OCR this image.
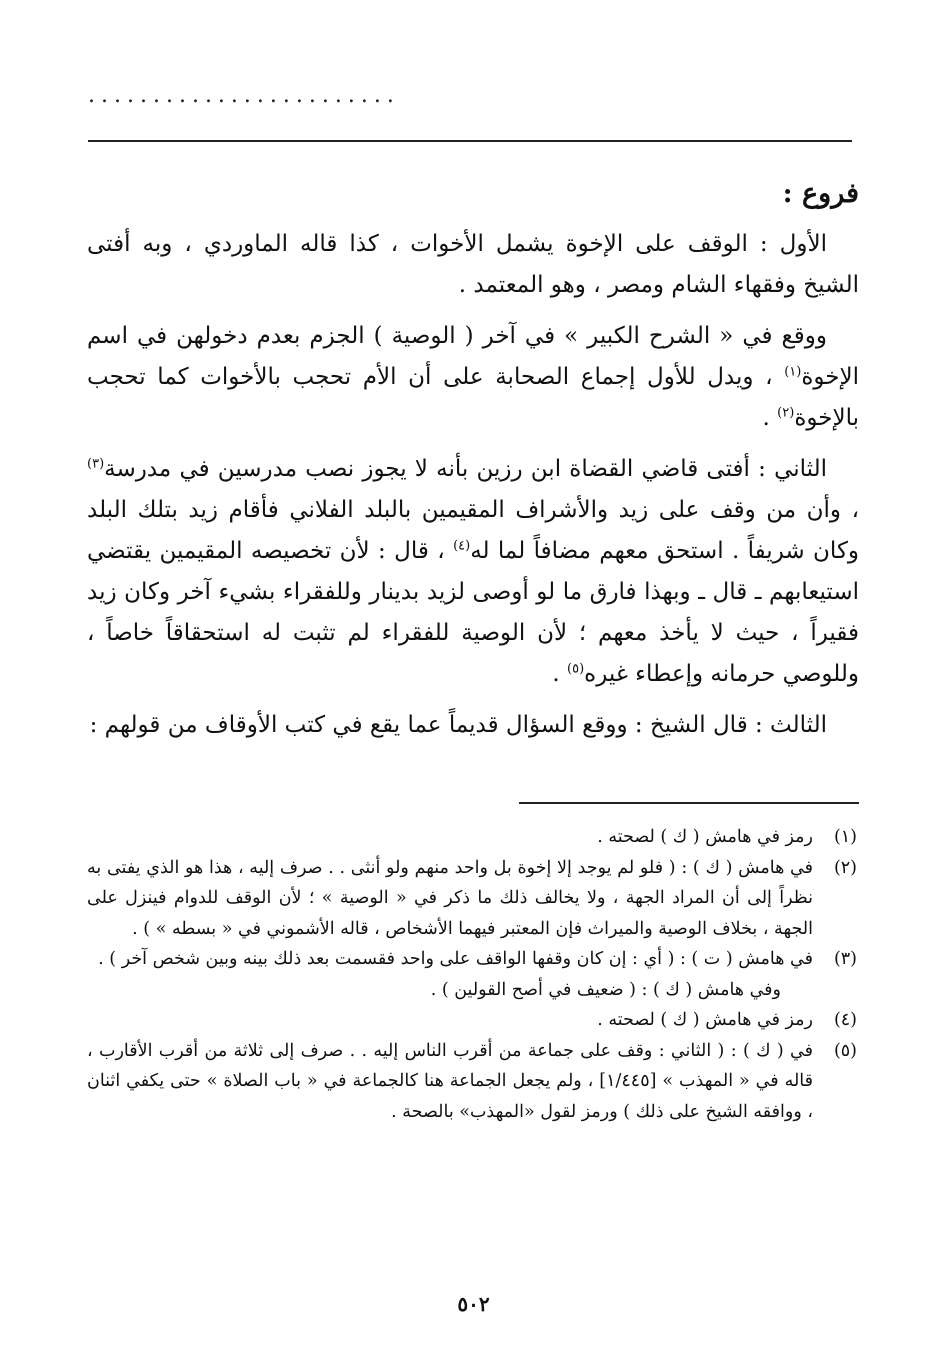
........................
فروع :

الأول : الوقف على الإخوة يشمل الأخوات ، كذا قاله الماوردي ، وبه أفتى الشيخ وفقهاء الشام ومصر ، وهو المعتمد .

ووقع في « الشرح الكبير » في آخر ( الوصية ) الجزم بعدم دخولهن في اسم الإخوة$^{(١)}$ ، ويدل للأول إجماع الصحابة على أن الأم تحجب بالأخوات كما تحجب بالإخوة$^{(٢)}$ .

الثاني : أفتى قاضي القضاة ابن رزين بأنه لا يجوز نصب مدرسين في مدرسة$^{(٣)}$ ، وأن من وقف على زيد والأشراف المقيمين بالبلد الفلاني فأقام زيد بتلك البلد وكان شريفاً . استحق معهم مضافاً لما له$^{(٤)}$ ، قال : لأن تخصيصه المقيمين يقتضي استيعابهم ـ قال ـ وبهذا فارق ما لو أوصى لزيد بدينار وللفقراء بشيء آخر وكان زيد فقيراً ، حيث لا يأخذ معهم ؛ لأن الوصية للفقراء لم تثبت له استحقاقاً خاصاً ، وللوصي حرمانه وإعطاء غيره$^{(٥)}$ .

الثالث : قال الشيخ : ووقع السؤال قديماً عما يقع في كتب الأوقاف من قولهم :

(١)
رمز في هامش ( ك ) لصحته .
(٢)
في هامش ( ك ) : ( فلو لم يوجد إلا إخوة بل واحد منهم ولو أنثى . . صرف إليه ، هذا هو الذي يفتى به نظراً إلى أن المراد الجهة ، ولا يخالف ذلك ما ذكر في « الوصية » ؛ لأن الوقف للدوام فينزل على الجهة ، بخلاف الوصية والميراث فإن المعتبر فيهما الأشخاص ، قاله الأشموني في « بسطه » ) .
(٣)
في هامش ( ت ) : ( أي : إن كان وقفها الواقف على واحد فقسمت بعد ذلك بينه وبين شخص آخر ) .
وفي هامش ( ك ) : ( ضعيف في أصح القولين ) .
(٤)
رمز في هامش ( ك ) لصحته .
(٥)
في ( ك ) : ( الثاني : وقف على جماعة من أقرب الناس إليه . . صرف إلى ثلاثة من أقرب الأقارب ، قاله في « المهذب » [١/٤٤٥] ، ولم يجعل الجماعة هنا كالجماعة في « باب الصلاة » حتى يكفي اثنان ، ووافقه الشيخ على ذلك ) ورمز لقول «المهذب» بالصحة .
٥٠٢
